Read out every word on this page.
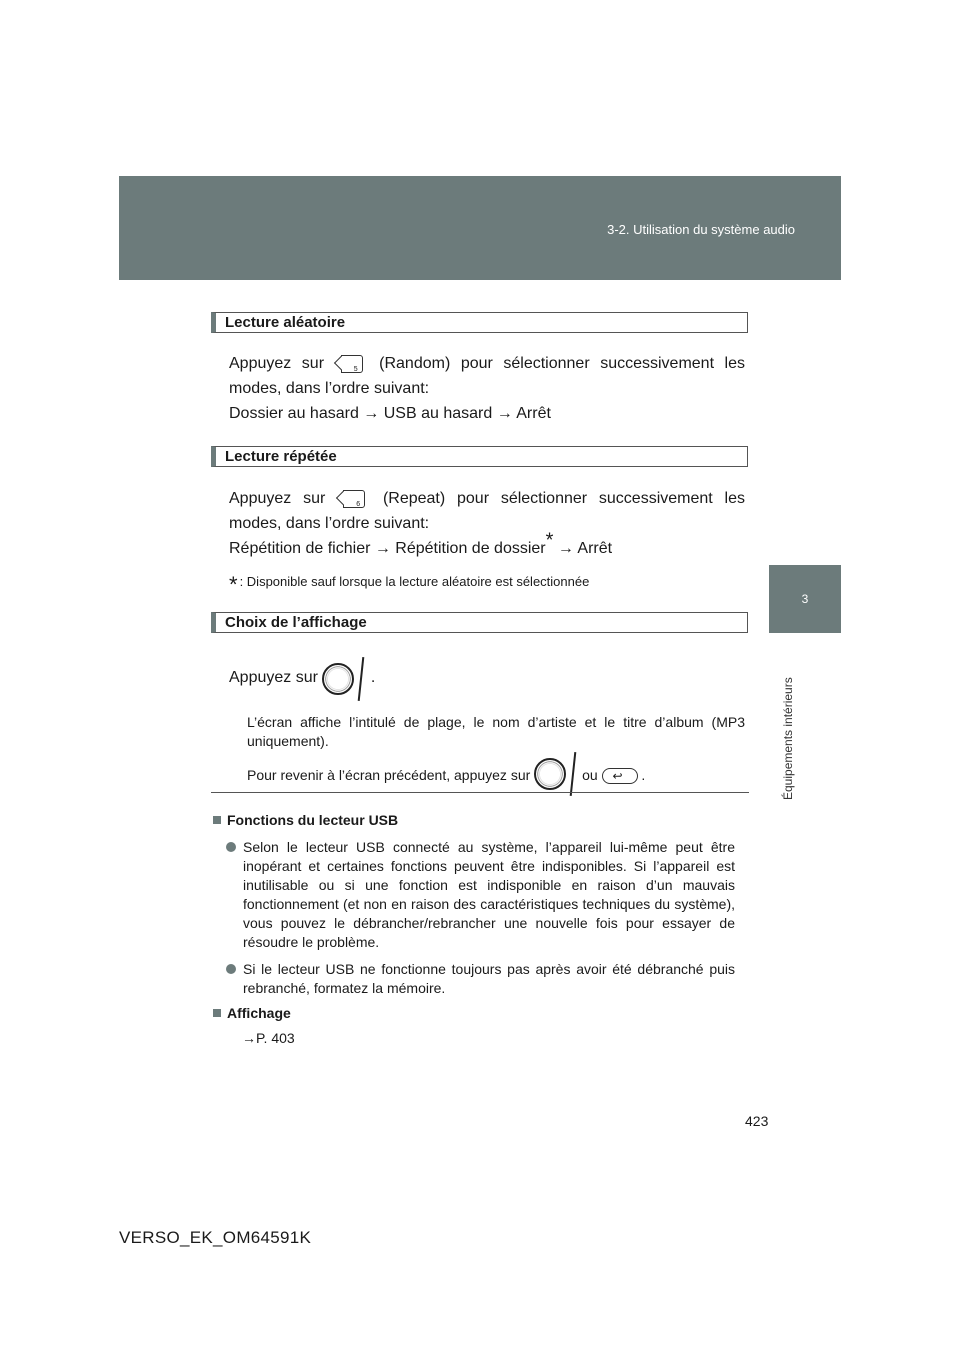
3-2. Utilisation du système audio
3
Équipements intérieurs
Lecture aléatoire
Appuyez sur	5 (Random) pour sélectionner successivement les
modes, dans l’ordre suivant:
Dossier au hasard → USB au hasard → Arrêt
Lecture répétée
Appuyez sur	6 (Repeat) pour sélectionner successivement les
modes, dans l’ordre suivant:
Répétition de fichier → Répétition de dossier* → Arrêt
* : Disponible sauf lorsque la lecture aléatoire est sélectionnée
Choix de l’affichage
Appuyez sur	.
L’écran affiche l’intitulé de plage, le nom d’artiste et le titre d’album (MP3 uniquement).
Pour revenir à l’écran précédent, appuyez sur	ou ↩ .
Fonctions du lecteur USB
Selon le lecteur USB connecté au système, l’appareil lui-même peut être inopérant et certaines fonctions peuvent être indisponibles. Si l’appareil est inutilisable ou si une fonction est indisponible en raison d’un mauvais fonctionnement (et non en raison des caractéristiques techniques du système), vous pouvez le débrancher/rebrancher une nouvelle fois pour essayer de résoudre le problème.
Si le lecteur USB ne fonctionne toujours pas après avoir été débranché puis rebranché, formatez la mémoire.
Affichage
→P. 403
423
VERSO_EK_OM64591K
